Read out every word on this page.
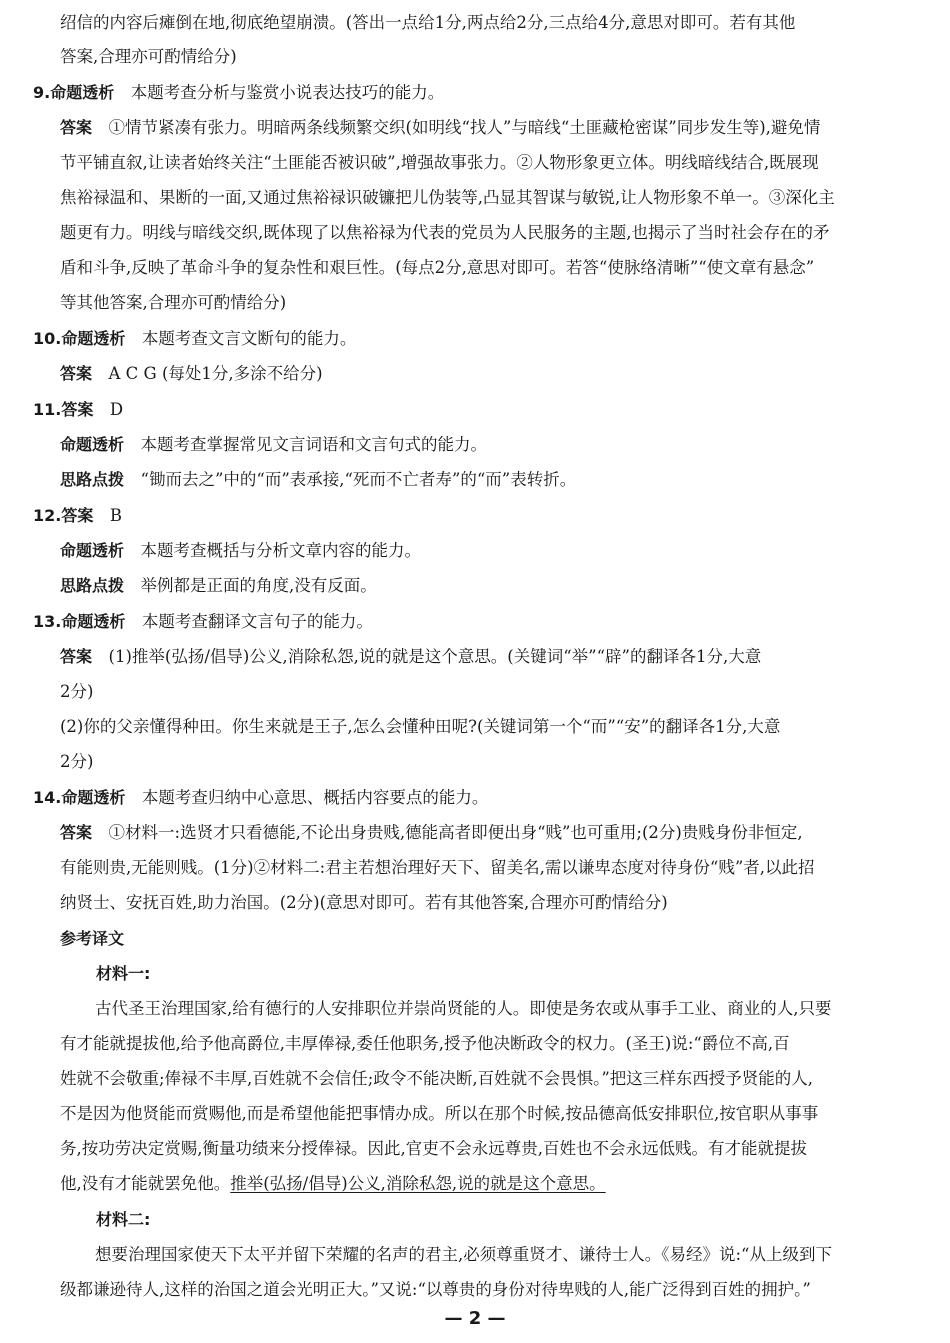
绍信的内容后瘫倒在地,彻底绝望崩溃。(答出一点给1分,两点给2分,三点给4分,意思对即可。若有其他
答案,合理亦可酌情给分)
9.命题透析  本题考查分析与鉴赏小说表达技巧的能力。
答案  ①情节紧凑有张力。明暗两条线频繁交织(如明线“找人”与暗线“土匪藏枪密谋”同步发生等),避免情
节平铺直叙,让读者始终关注“土匪能否被识破”,增强故事张力。②人物形象更立体。明线暗线结合,既展现
焦裕禄温和、果断的一面,又通过焦裕禄识破镰把儿伪装等,凸显其智谋与敏锐,让人物形象不单一。③深化主
题更有力。明线与暗线交织,既体现了以焦裕禄为代表的党员为人民服务的主题,也揭示了当时社会存在的矛
盾和斗争,反映了革命斗争的复杂性和艰巨性。(每点2分,意思对即可。若答“使脉络清晰”“使文章有悬念”
等其他答案,合理亦可酌情给分)
10.命题透析  本题考查文言文断句的能力。
答案  A C G (每处1分,多涂不给分)
11.答案  D
命题透析  本题考查掌握常见文言词语和文言句式的能力。
思路点拨  “锄而去之”中的“而”表承接,“死而不亡者寿”的“而”表转折。
12.答案  B
命题透析  本题考查概括与分析文章内容的能力。
思路点拨  举例都是正面的角度,没有反面。
13.命题透析  本题考查翻译文言句子的能力。
答案  (1)推举(弘扬/倡导)公义,消除私怨,说的就是这个意思。(关键词“举”“辟”的翻译各1分,大意
2分)
(2)你的父亲懂得种田。你生来就是王子,怎么会懂种田呢?(关键词第一个“而”“安”的翻译各1分,大意
2分)
14.命题透析  本题考查归纳中心意思、概括内容要点的能力。
答案  ①材料一:选贤才只看德能,不论出身贵贱,德能高者即便出身“贱”也可重用;(2分)贵贱身份非恒定,
有能则贵,无能则贱。(1分)②材料二:君主若想治理好天下、留美名,需以谦卑态度对待身份“贱”者,以此招
纳贤士、安抚百姓,助力治国。(2分)(意思对即可。若有其他答案,合理亦可酌情给分)
参考译文
材料一:
古代圣王治理国家,给有德行的人安排职位并崇尚贤能的人。即使是务农或从事手工业、商业的人,只要
有才能就提拔他,给予他高爵位,丰厚俸禄,委任他职务,授予他决断政令的权力。(圣王)说:“爵位不高,百
姓就不会敬重;俸禄不丰厚,百姓就不会信任;政令不能决断,百姓就不会畏惧。”把这三样东西授予贤能的人,
不是因为他贤能而赏赐他,而是希望他能把事情办成。所以在那个时候,按品德高低安排职位,按官职从事事
务,按功劳决定赏赐,衡量功绩来分授俸禄。因此,官吏不会永远尊贵,百姓也不会永远低贱。有才能就提拔
他,没有才能就罢免他。推举(弘扬/倡导)公义,消除私怨,说的就是这个意思。
材料二:
想要治理国家使天下太平并留下荣耀的名声的君主,必须尊重贤才、谦待士人。《易经》说:“从上级到下
级都谦逊待人,这样的治国之道会光明正大。”又说:“以尊贵的身份对待卑贱的人,能广泛得到百姓的拥护。”
— 2 —
